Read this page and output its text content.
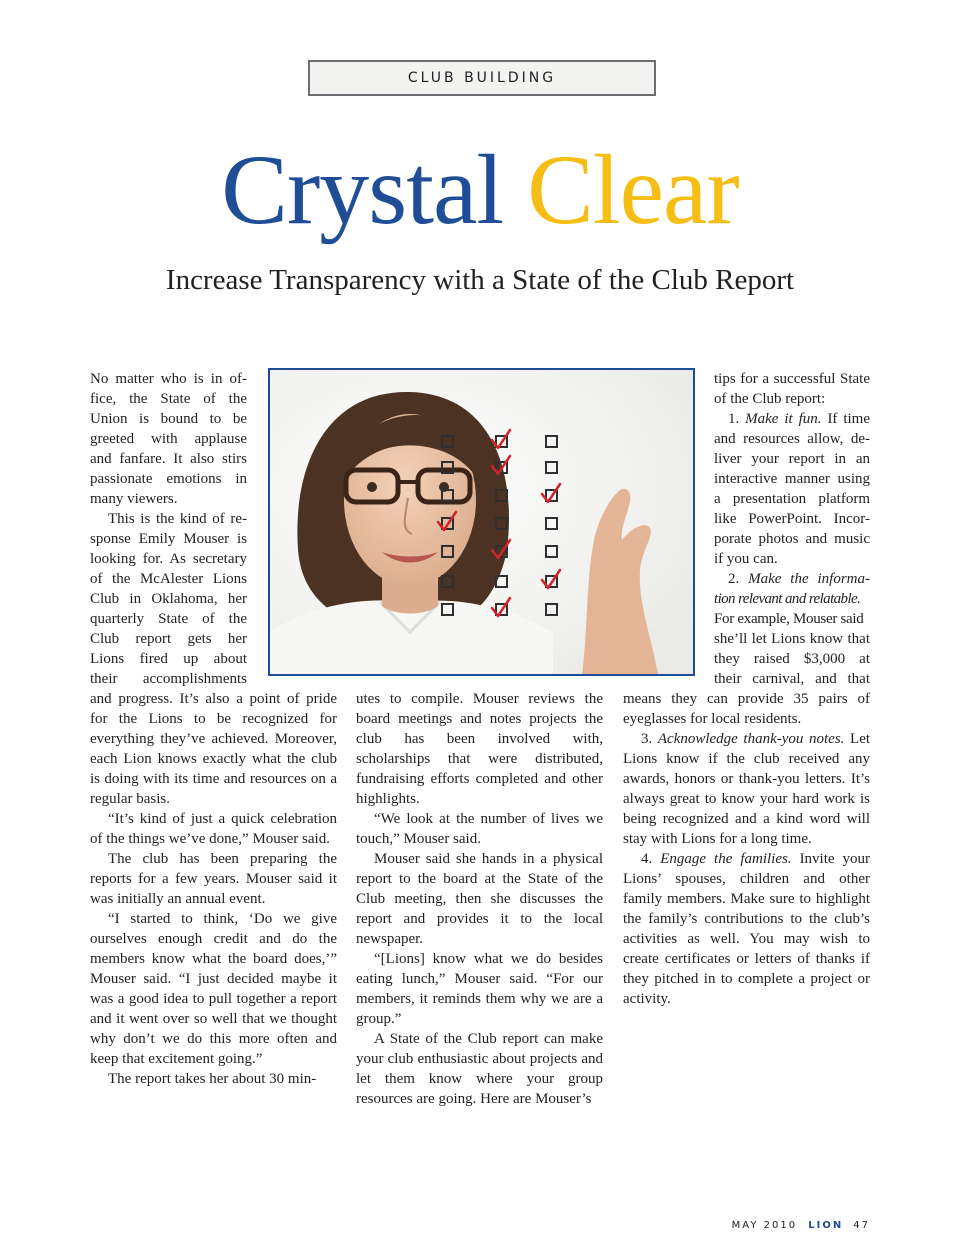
CLUB BUILDING
Crystal Clear
Increase Transparency with a State of the Club Report
No matter who is in of-
fice, the State of the
Union is bound to be
greeted with applause
and fanfare. It also stirs
passionate emotions in
many viewers.
This is the kind of re-
sponse Emily Mouser is
looking for. As secretary
of the McAlester Lions
Club in Oklahoma, her
quarterly State of the
Club report gets her
Lions fired up about
their accomplishments

and progress. It’s also a point of pride for the Lions to be recognized for everything they’ve achieved. Moreover, each Lion knows exactly what the club is doing with its time and resources on a regular basis.

“It’s kind of just a quick celebration of the things we’ve done,” Mouser said.

The club has been preparing the reports for a few years. Mouser said it was initially an annual event.

“I started to think, ‘Do we give ourselves enough credit and do the members know what the board does,’” Mouser said. “I just decided maybe it was a good idea to pull together a report and it went over so well that we thought why don’t we do this more often and keep that excitement going.”

The report takes her about 30 min-

utes to compile. Mouser reviews the board meetings and notes projects the club has been involved with, scholarships that were distributed, fundraising efforts completed and other highlights.

“We look at the number of lives we touch,” Mouser said.

Mouser said she hands in a physical report to the board at the State of the Club meeting, then she discusses the report and provides it to the local newspaper.

“[Lions] know what we do besides eating lunch,” Mouser said. “For our members, it reminds them why we are a group.”

A State of the Club report can make your club enthusiastic about projects and let them know where your group resources are going. Here are Mouser’s

tips for a successful State
of the Club report:
1. Make it fun. If time
and resources allow, de-
liver your report in an
interactive manner using
a presentation platform
like PowerPoint. Incor-
porate photos and music
if you can.
2. Make the informa-
tion relevant and relatable.
For example, Mouser said
she’ll let Lions know that
they raised $3,000 at
their carnival, and that

means they can provide 35 pairs of eyeglasses for local residents.

3. Acknowledge thank-you notes. Let Lions know if the club received any awards, honors or thank-you letters. It’s always great to know your hard work is being recognized and a kind word will stay with Lions for a long time.

4. Engage the families. Invite your Lions’ spouses, children and other family members. Make sure to highlight the family’s contributions to the club’s activities as well. You may wish to create certificates or letters of thanks if they pitched in to complete a project or activity.

MAY 2010 LION 47
